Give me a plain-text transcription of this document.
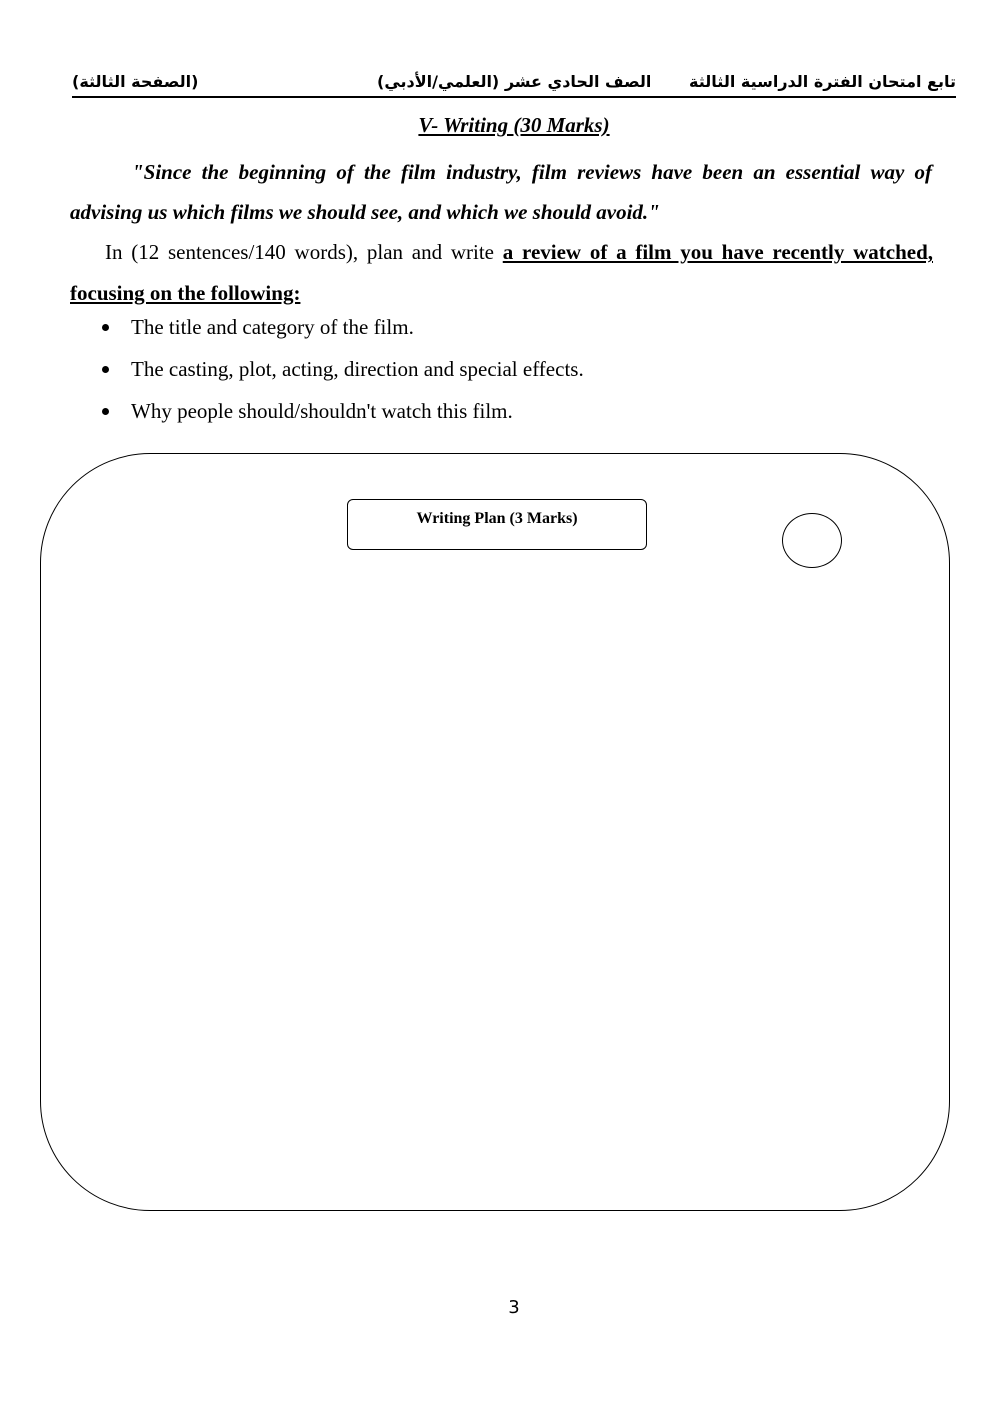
تابع امتحان الفترة الدراسية الثالثة
الصف الحادي عشر (العلمي/الأدبي)
(الصفحة الثالثة)
V- Writing (30 Marks)
"Since the beginning of the film industry, film reviews have been an essential way of advising us which films we should see, and which we should avoid."
In (12 sentences/140 words), plan and write a review of a film you have recently watched, focusing on the following:
The title and category of the film.
The casting, plot, acting, direction and special effects.
Why people should/shouldn't watch this film.
Writing Plan (3 Marks)
3
